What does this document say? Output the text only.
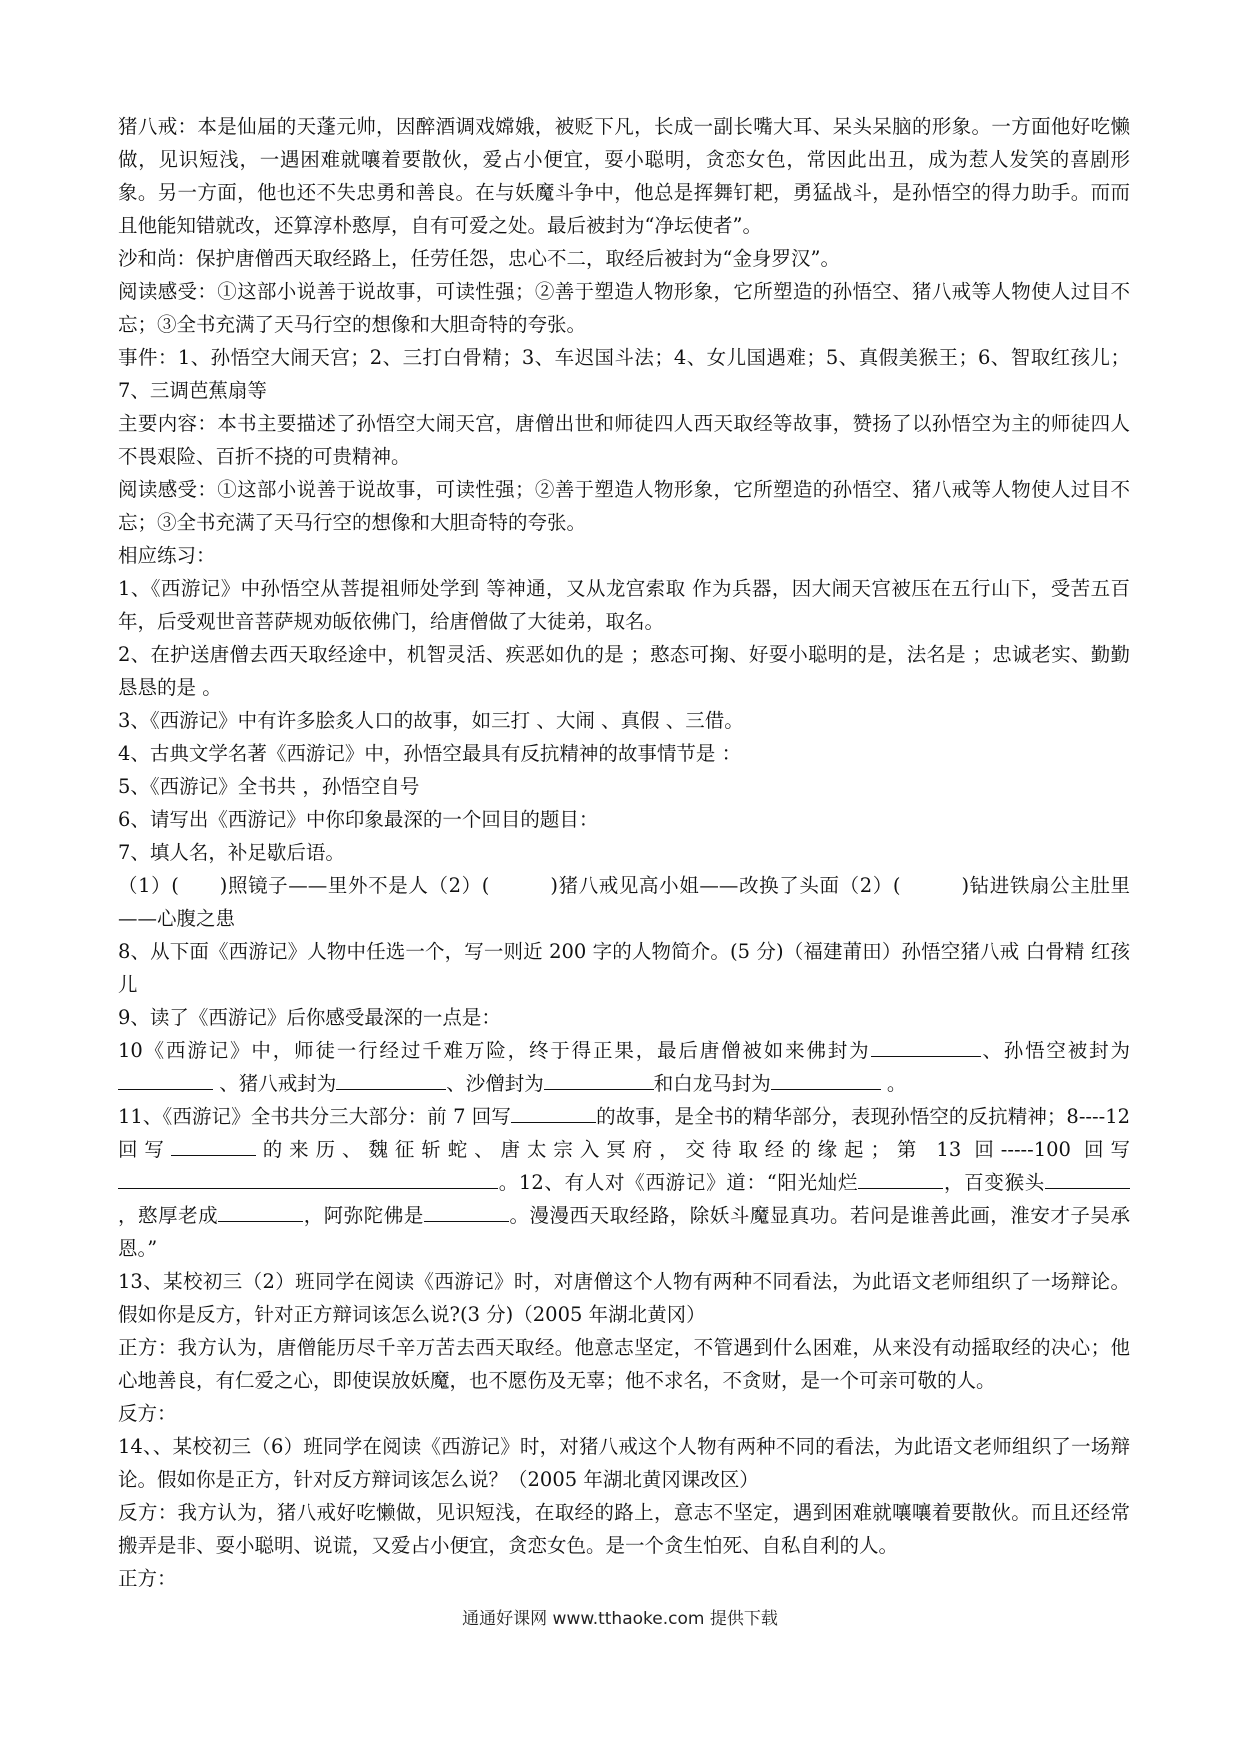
猪八戒：本是仙届的天蓬元帅，因醉酒调戏嫦娥，被贬下凡，长成一副长嘴大耳、呆头呆脑的形象。一方面他好吃懒做，见识短浅，一遇困难就嚷着要散伙，爱占小便宜，耍小聪明，贪恋女色，常因此出丑，成为惹人发笑的喜剧形象。另一方面，他也还不失忠勇和善良。在与妖魔斗争中，他总是挥舞钉耙，勇猛战斗，是孙悟空的得力助手。而而且他能知错就改，还算淳朴憨厚，自有可爱之处。最后被封为“净坛使者”。

沙和尚：保护唐僧西天取经路上，任劳任怨，忠心不二，取经后被封为“金身罗汉”。

阅读感受：①这部小说善于说故事，可读性强；②善于塑造人物形象，它所塑造的孙悟空、猪八戒等人物使人过目不忘；③全书充满了天马行空的想像和大胆奇特的夸张。

事件：1、孙悟空大闹天宫；2、三打白骨精；3、车迟国斗法；4、女儿国遇难；5、真假美猴王；6、智取红孩儿；7、三调芭蕉扇等

主要内容：本书主要描述了孙悟空大闹天宫，唐僧出世和师徒四人西天取经等故事，赞扬了以孙悟空为主的师徒四人不畏艰险、百折不挠的可贵精神。

阅读感受：①这部小说善于说故事，可读性强；②善于塑造人物形象，它所塑造的孙悟空、猪八戒等人物使人过目不忘；③全书充满了天马行空的想像和大胆奇特的夸张。

相应练习：

1、《西游记》中孙悟空从菩提祖师处学到 等神通，又从龙宫索取 作为兵器，因大闹天宫被压在五行山下，受苦五百年，后受观世音菩萨规劝皈依佛门，给唐僧做了大徒弟，取名。

2、在护送唐僧去西天取经途中，机智灵活、疾恶如仇的是 ；憨态可掬、好耍小聪明的是，法名是 ；忠诚老实、勤勤恳恳的是 。

3、《西游记》中有许多脍炙人口的故事，如三打 、大闹 、真假 、三借。

4、古典文学名著《西游记》中，孙悟空最具有反抗精神的故事情节是 ：

5、《西游记》全书共 ，孙悟空自号

6、请写出《西游记》中你印象最深的一个回目的题目：

7、填人名，补足歇后语。

（1）(　　)照镜子——里外不是人（2）(　　　)猪八戒见高小姐——改换了头面（2）(　　　)钻进铁扇公主肚里——心腹之患

8、从下面《西游记》人物中任选一个，写一则近 200 字的人物简介。(5 分)（福建莆田）孙悟空猪八戒 白骨精 红孩儿

9、读了《西游记》后你感受最深的一点是：

10《西游记》中，师徒一行经过千难万险，终于得正果，最后唐僧被如来佛封为	、孙悟空被封为 、猪八戒封为	、沙僧封为	和白龙马封为	。

11、《西游记》全书共分三大部分：前 7 回写	的故事，是全书的精华部分，表现孙悟空的反抗精神；8----12 回写	的来历、魏征斩蛇、唐太宗入冥府，交待取经的缘起；第 13 回-----100 回写。12、有人对《西游记》道：“阳光灿烂	，百变猴头，憨厚老成	，阿弥陀佛是	。漫漫西天取经路，除妖斗魔显真功。若问是谁善此画，淮安才子吴承恩。”

13、某校初三（2）班同学在阅读《西游记》时，对唐僧这个人物有两种不同看法，为此语文老师组织了一场辩论。假如你是反方，针对正方辩词该怎么说?(3 分)（2005 年湖北黄冈）

正方：我方认为，唐僧能历尽千辛万苦去西天取经。他意志坚定，不管遇到什么困难，从来没有动摇取经的决心；他心地善良，有仁爱之心，即使误放妖魔，也不愿伤及无辜；他不求名，不贪财，是一个可亲可敬的人。

反方：

14、、某校初三（6）班同学在阅读《西游记》时，对猪八戒这个人物有两种不同的看法，为此语文老师组织了一场辩论。假如你是正方，针对反方辩词该怎么说？（2005 年湖北黄冈课改区）

反方：我方认为，猪八戒好吃懒做，见识短浅，在取经的路上，意志不坚定，遇到困难就嚷嚷着要散伙。而且还经常搬弄是非、耍小聪明、说谎，又爱占小便宜，贪恋女色。是一个贪生怕死、自私自利的人。

正方：

通通好课网 www.tthaoke.com 提供下载
